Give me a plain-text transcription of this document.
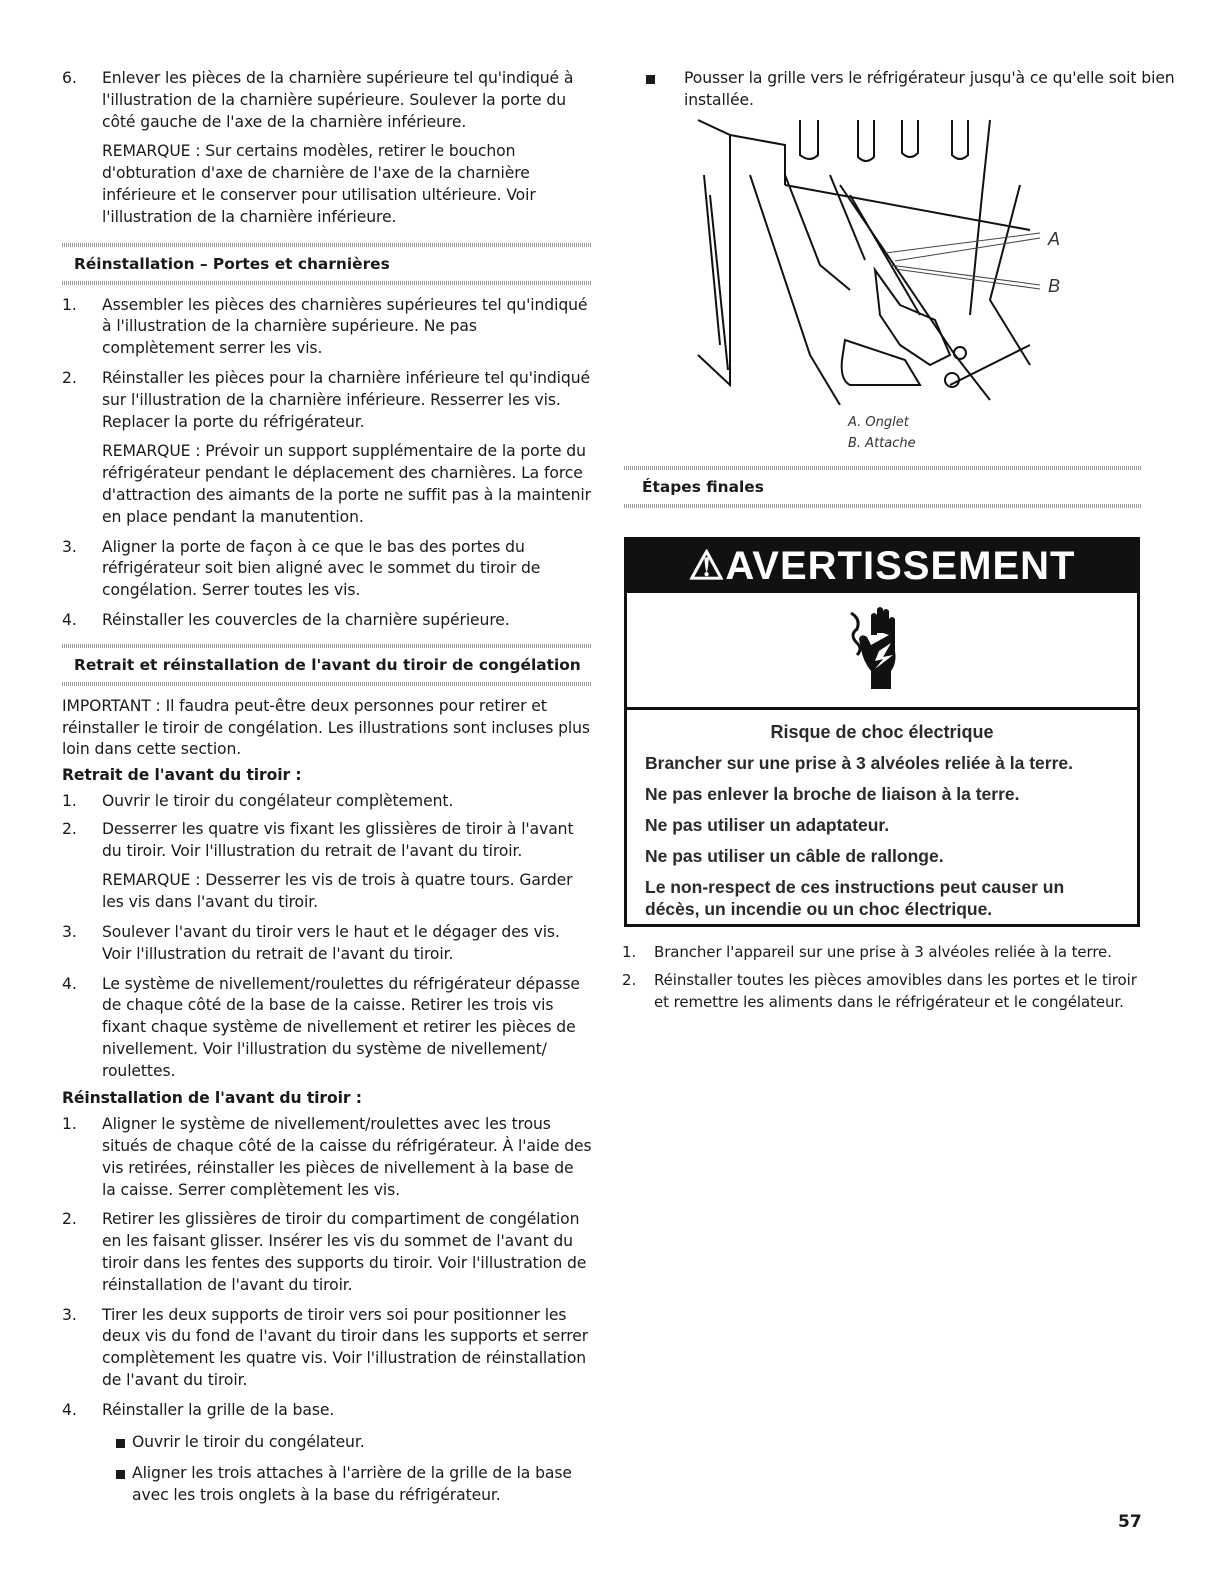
6. Enlever les pièces de la charnière supérieure tel qu'indiqué à l'illustration de la charnière supérieure. Soulever la porte du côté gauche de l'axe de la charnière inférieure.

REMARQUE : Sur certains modèles, retirer le bouchon d'obturation d'axe de charnière de l'axe de la charnière inférieure et le conserver pour utilisation ultérieure. Voir l'illustration de la charnière inférieure.

Réinstallation – Portes et charnières
1. Assembler les pièces des charnières supérieures tel qu'indiqué à l'illustration de la charnière supérieure. Ne pas complètement serrer les vis.

2. Réinstaller les pièces pour la charnière inférieure tel qu'indiqué sur l'illustration de la charnière inférieure. Resserrer les vis. Replacer la porte du réfrigérateur.

REMARQUE : Prévoir un support supplémentaire de la porte du réfrigérateur pendant le déplacement des charnières. La force d'attraction des aimants de la porte ne suffit pas à la maintenir en place pendant la manutention.

3. Aligner la porte de façon à ce que le bas des portes du réfrigérateur soit bien aligné avec le sommet du tiroir de congélation. Serrer toutes les vis.

4. Réinstaller les couvercles de la charnière supérieure.

Retrait et réinstallation de l'avant du tiroir de congélation

IMPORTANT : Il faudra peut-être deux personnes pour retirer et réinstaller le tiroir de congélation. Les illustrations sont incluses plus loin dans cette section.

Retrait de l'avant du tiroir :

1. Ouvrir le tiroir du congélateur complètement.

2. Desserrer les quatre vis fixant les glissières de tiroir à l'avant du tiroir. Voir l'illustration du retrait de l'avant du tiroir.

REMARQUE : Desserrer les vis de trois à quatre tours. Garder les vis dans l'avant du tiroir.

3. Soulever l'avant du tiroir vers le haut et le dégager des vis. Voir l'illustration du retrait de l'avant du tiroir.

4. Le système de nivellement/roulettes du réfrigérateur dépasse de chaque côté de la base de la caisse. Retirer les trois vis fixant chaque système de nivellement et retirer les pièces de nivellement. Voir l'illustration du système de nivellement/ roulettes.

Réinstallation de l'avant du tiroir :

1. Aligner le système de nivellement/roulettes avec les trous situés de chaque côté de la caisse du réfrigérateur. À l'aide des vis retirées, réinstaller les pièces de nivellement à la base de la caisse. Serrer complètement les vis.

2. Retirer les glissières de tiroir du compartiment de congélation en les faisant glisser. Insérer les vis du sommet de l'avant du tiroir dans les fentes des supports du tiroir. Voir l'illustration de réinstallation de l'avant du tiroir.

3. Tirer les deux supports de tiroir vers soi pour positionner les deux vis du fond de l'avant du tiroir dans les supports et serrer complètement les quatre vis. Voir l'illustration de réinstallation de l'avant du tiroir.

4. Réinstaller la grille de la base.

Ouvrir le tiroir du congélateur.

Aligner les trois attaches à l'arrière de la grille de la base avec les trois onglets à la base du réfrigérateur.

Pousser la grille vers le réfrigérateur jusqu'à ce qu'elle soit bien installée.

A
B
A. Onglet
B. Attache
Étapes finales
⚠AVERTISSEMENT
Risque de choc électrique
Brancher sur une prise à 3 alvéoles reliée à la terre.
Ne pas enlever la broche de liaison à la terre.
Ne pas utiliser un adaptateur.
Ne pas utiliser un câble de rallonge.
Le non-respect de ces instructions peut causer un décès, un incendie ou un choc électrique.
1. Brancher l'appareil sur une prise à 3 alvéoles reliée à la terre.

2. Réinstaller toutes les pièces amovibles dans les portes et le tiroir et remettre les aliments dans le réfrigérateur et le congélateur.

57
